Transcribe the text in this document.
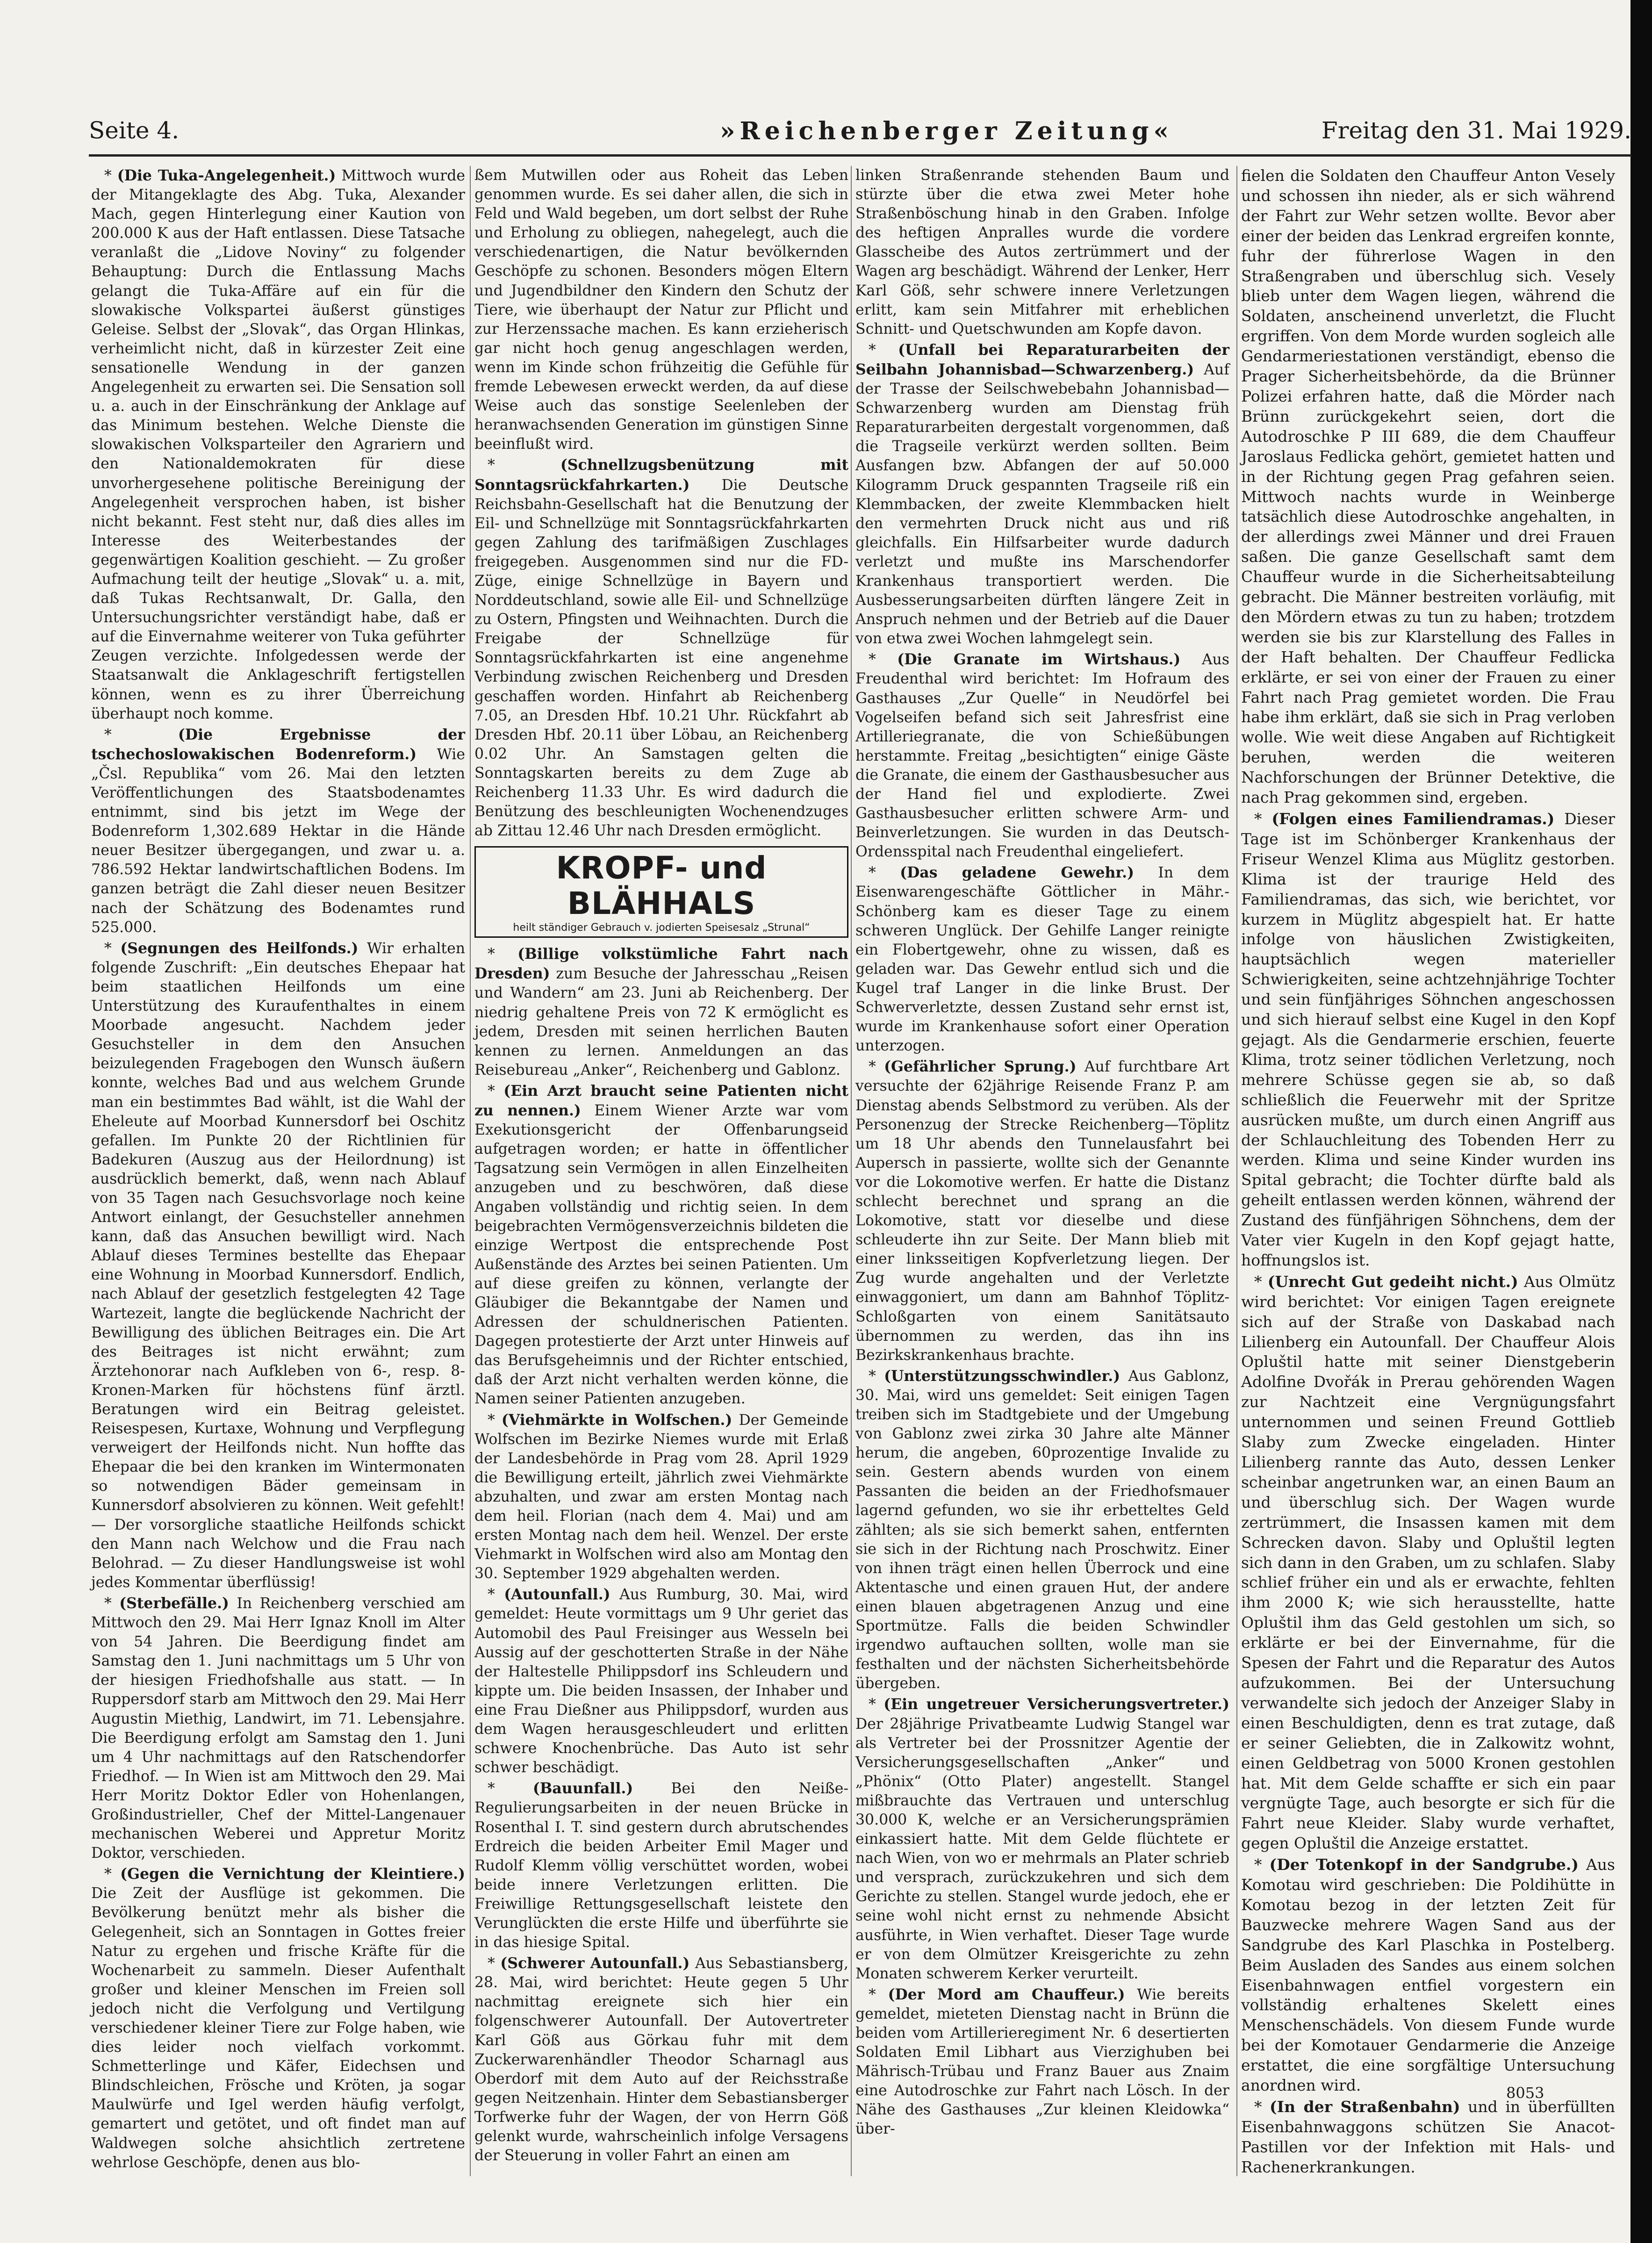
Seite 4.	»Reichenberger Zeitung«	Freitag den 31. Mai 1929.

* (Die Tuka-Angelegenheit.) Mittwoch wurde der Mitangeklagte des Abg. Tuka, Alexander Mach, gegen Hinterlegung einer Kaution von 200.000 K aus der Haft entlassen. Diese Tatsache veranlaßt die „Lidove Noviny“ zu folgender Behauptung: Durch die Entlassung Machs gelangt die Tuka-Affäre auf ein für die slowakische Volkspartei äußerst günstiges Geleise. Selbst der „Slovak“, das Organ Hlinkas, verheimlicht nicht, daß in kürzester Zeit eine sensationelle Wendung in der ganzen Angelegenheit zu erwarten sei. Die Sensation soll u. a. auch in der Einschränkung der Anklage auf das Minimum bestehen. Welche Dienste die slowakischen Volksparteiler den Agrariern und den Nationaldemokraten für diese unvorhergesehene politische Bereinigung der Angelegenheit versprochen haben, ist bisher nicht bekannt. Fest steht nur, daß dies alles im Interesse des Weiterbestandes der gegenwärtigen Koalition geschieht. — Zu großer Aufmachung teilt der heutige „Slovak“ u. a. mit, daß Tukas Rechtsanwalt, Dr. Galla, den Untersuchungsrichter verständigt habe, daß er auf die Einvernahme weiterer von Tuka geführter Zeugen verzichte. Infolgedessen werde der Staatsanwalt die Anklageschrift fertigstellen können, wenn es zu ihrer Überreichung überhaupt noch komme.

* (Die Ergebnisse der tschechoslowakischen Bodenreform.) Wie „Čsl. Republika“ vom 26. Mai den letzten Veröffentlichungen des Staatsbodenamtes entnimmt, sind bis jetzt im Wege der Bodenreform 1,302.689 Hektar in die Hände neuer Besitzer übergegangen, und zwar u. a. 786.592 Hektar landwirtschaftlichen Bodens. Im ganzen beträgt die Zahl dieser neuen Besitzer nach der Schätzung des Bodenamtes rund 525.000.

* (Segnungen des Heilfonds.) Wir erhalten folgende Zuschrift: „Ein deutsches Ehepaar hat beim staatlichen Heilfonds um eine Unterstützung des Kuraufenthaltes in einem Moorbade angesucht. Nachdem jeder Gesuchsteller in dem den Ansuchen beizulegenden Fragebogen den Wunsch äußern konnte, welches Bad und aus welchem Grunde man ein bestimmtes Bad wählt, ist die Wahl der Eheleute auf Moorbad Kunnersdorf bei Oschitz gefallen. Im Punkte 20 der Richtlinien für Badekuren (Auszug aus der Heilordnung) ist ausdrücklich bemerkt, daß, wenn nach Ablauf von 35 Tagen nach Gesuchsvorlage noch keine Antwort einlangt, der Gesuchsteller annehmen kann, daß das Ansuchen bewilligt wird. Nach Ablauf dieses Termines bestellte das Ehepaar eine Wohnung in Moorbad Kunnersdorf. Endlich, nach Ablauf der gesetzlich festgelegten 42 Tage Wartezeit, langte die beglückende Nachricht der Bewilligung des üblichen Beitrages ein. Die Art des Beitrages ist nicht erwähnt; zum Ärztehonorar nach Aufkleben von 6-, resp. 8-Kronen-Marken für höchstens fünf ärztl. Beratungen wird ein Beitrag geleistet. Reisespesen, Kurtaxe, Wohnung und Verpflegung verweigert der Heilfonds nicht. Nun hoffte das Ehepaar die bei den kranken im Wintermonaten so notwendigen Bäder gemeinsam in Kunnersdorf absolvieren zu können. Weit gefehlt! — Der vorsorgliche staatliche Heilfonds schickt den Mann nach Welchow und die Frau nach Belohrad. — Zu dieser Handlungsweise ist wohl jedes Kommentar überflüssig!

* (Sterbefälle.) In Reichenberg verschied am Mittwoch den 29. Mai Herr Ignaz Knoll im Alter von 54 Jahren. Die Beerdigung findet am Samstag den 1. Juni nachmittags um 5 Uhr von der hiesigen Friedhofshalle aus statt. — In Ruppersdorf starb am Mittwoch den 29. Mai Herr Augustin Miethig, Landwirt, im 71. Lebensjahre. Die Beerdigung erfolgt am Samstag den 1. Juni um 4 Uhr nachmittags auf den Ratschendorfer Friedhof. — In Wien ist am Mittwoch den 29. Mai Herr Moritz Doktor Edler von Hohenlangen, Großindustrieller, Chef der Mittel-Langenauer mechanischen Weberei und Appretur Moritz Doktor, verschieden.

* (Gegen die Vernichtung der Kleintiere.) Die Zeit der Ausflüge ist gekommen. Die Bevölkerung benützt mehr als bisher die Gelegenheit, sich an Sonntagen in Gottes freier Natur zu ergehen und frische Kräfte für die Wochenarbeit zu sammeln. Dieser Aufenthalt großer und kleiner Menschen im Freien soll jedoch nicht die Verfolgung und Vertilgung verschiedener kleiner Tiere zur Folge haben, wie dies leider noch vielfach vorkommt. Schmetterlinge und Käfer, Eidechsen und Blindschleichen, Frösche und Kröten, ja sogar Maulwürfe und Igel werden häufig verfolgt, gemartert und getötet, und oft findet man auf Waldwegen solche ahsichtlich zertretene wehrlose Geschöpfe, denen aus blo-

ßem Mutwillen oder aus Roheit das Leben genommen wurde. Es sei daher allen, die sich in Feld und Wald begeben, um dort selbst der Ruhe und Erholung zu obliegen, nahegelegt, auch die verschiedenartigen, die Natur bevölkernden Geschöpfe zu schonen. Besonders mögen Eltern und Jugendbildner den Kindern den Schutz der Tiere, wie überhaupt der Natur zur Pflicht und zur Herzenssache machen. Es kann erzieherisch gar nicht hoch genug angeschlagen werden, wenn im Kinde schon frühzeitig die Gefühle für fremde Lebewesen erweckt werden, da auf diese Weise auch das sonstige Seelenleben der heranwachsenden Generation im günstigen Sinne beeinflußt wird.

* (Schnellzugsbenützung mit Sonntagsrückfahrkarten.) Die Deutsche Reichsbahn-Gesellschaft hat die Benutzung der Eil- und Schnellzüge mit Sonntagsrückfahrkarten gegen Zahlung des tarifmäßigen Zuschlages freigegeben. Ausgenommen sind nur die FD-Züge, einige Schnellzüge in Bayern und Norddeutschland, sowie alle Eil- und Schnellzüge zu Ostern, Pfingsten und Weihnachten. Durch die Freigabe der Schnellzüge für Sonntagsrückfahrkarten ist eine angenehme Verbindung zwischen Reichenberg und Dresden geschaffen worden. Hinfahrt ab Reichenberg 7.05, an Dresden Hbf. 10.21 Uhr. Rückfahrt ab Dresden Hbf. 20.11 über Löbau, an Reichenberg 0.02 Uhr. An Samstagen gelten die Sonntagskarten bereits zu dem Zuge ab Reichenberg 11.33 Uhr. Es wird dadurch die Benützung des beschleunigten Wochenendzuges ab Zittau 12.46 Uhr nach Dresden ermöglicht.

KROPF- und BLÄHHALS
heilt ständiger Gebrauch v. jodierten Speisesalz „Strunal“

* (Billige volkstümliche Fahrt nach Dresden) zum Besuche der Jahresschau „Reisen und Wandern“ am 23. Juni ab Reichenberg. Der niedrig gehaltene Preis von 72 K ermöglicht es jedem, Dresden mit seinen herrlichen Bauten kennen zu lernen. Anmeldungen an das Reisebureau „Anker“, Reichenberg und Gablonz.

* (Ein Arzt braucht seine Patienten nicht zu nennen.) Einem Wiener Arzte war vom Exekutionsgericht der Offenbarungseid aufgetragen worden; er hatte in öffentlicher Tagsatzung sein Vermögen in allen Einzelheiten anzugeben und zu beschwören, daß diese Angaben vollständig und richtig seien. In dem beigebrachten Vermögensverzeichnis bildeten die einzige Wertpost die entsprechende Post Außenstände des Arztes bei seinen Patienten. Um auf diese greifen zu können, verlangte der Gläubiger die Bekanntgabe der Namen und Adressen der schuldnerischen Patienten. Dagegen protestierte der Arzt unter Hinweis auf das Berufsgeheimnis und der Richter entschied, daß der Arzt nicht verhalten werden könne, die Namen seiner Patienten anzugeben.

* (Viehmärkte in Wolfschen.) Der Gemeinde Wolfschen im Bezirke Niemes wurde mit Erlaß der Landesbehörde in Prag vom 28. April 1929 die Bewilligung erteilt, jährlich zwei Viehmärkte abzuhalten, und zwar am ersten Montag nach dem heil. Florian (nach dem 4. Mai) und am ersten Montag nach dem heil. Wenzel. Der erste Viehmarkt in Wolfschen wird also am Montag den 30. September 1929 abgehalten werden.

* (Autounfall.) Aus Rumburg, 30. Mai, wird gemeldet: Heute vormittags um 9 Uhr geriet das Automobil des Paul Freisinger aus Wesseln bei Aussig auf der geschotterten Straße in der Nähe der Haltestelle Philippsdorf ins Schleudern und kippte um. Die beiden Insassen, der Inhaber und eine Frau Dießner aus Philippsdorf, wurden aus dem Wagen herausgeschleudert und erlitten schwere Knochenbrüche. Das Auto ist sehr schwer beschädigt.

* (Bauunfall.)	Bei den Neiße-Regulierungsarbeiten in der neuen Brücke in Rosenthal I. T. sind gestern durch abrutschendes Erdreich die beiden Arbeiter Emil Mager und Rudolf Klemm völlig verschüttet worden, wobei beide innere Verletzungen erlitten. Die Freiwillige Rettungsgesellschaft leistete den Verunglückten die erste Hilfe und überführte sie in das hiesige Spital.

* (Schwerer Autounfall.) Aus Sebastiansberg, 28. Mai, wird berichtet: Heute gegen 5 Uhr nachmittag ereignete sich hier ein folgenschwerer Autounfall. Der Autovertreter Karl Göß aus Görkau fuhr mit dem Zuckerwarenhändler Theodor Scharnagl aus Oberdorf mit dem Auto auf der Reichsstraße gegen Neitzenhain. Hinter dem Sebastiansberger Torfwerke fuhr der Wagen, der von Herrn Göß gelenkt wurde, wahrscheinlich infolge Versagens der Steuerung in voller Fahrt an einen am

linken Straßenrande stehenden Baum und stürzte über die etwa zwei Meter hohe Straßenböschung hinab in den Graben. Infolge des heftigen Anpralles wurde die vordere Glasscheibe des Autos zertrümmert und der Wagen arg beschädigt. Während der Lenker, Herr Karl Göß, sehr schwere innere Verletzungen erlitt, kam sein Mitfahrer mit erheblichen Schnitt- und Quetschwunden am Kopfe davon.

* (Unfall bei Reparaturarbeiten der Seilbahn Johannisbad—Schwarzenberg.) Auf der Trasse der Seilschwebebahn Johannisbad—Schwarzenberg wurden am Dienstag früh Reparaturarbeiten dergestalt vorgenommen, daß die Tragseile verkürzt werden sollten. Beim Ausfangen bzw. Abfangen der auf 50.000 Kilogramm Druck gespannten Tragseile riß ein Klemmbacken, der zweite Klemmbacken hielt den vermehrten Druck nicht aus und riß gleichfalls. Ein Hilfsarbeiter wurde dadurch verletzt und mußte ins Marschendorfer Krankenhaus transportiert werden. Die Ausbesserungsarbeiten dürften längere Zeit in Anspruch nehmen und der Betrieb auf die Dauer von etwa zwei Wochen lahmgelegt sein.

* (Die Granate im Wirtshaus.) Aus Freudenthal wird berichtet: Im Hofraum des Gasthauses „Zur Quelle“ in Neudörfel bei Vogelseifen befand sich seit Jahresfrist eine Artilleriegranate, die von Schießübungen herstammte. Freitag „besichtigten“ einige Gäste die Granate, die einem der Gasthausbesucher aus der Hand fiel und explodierte. Zwei Gasthausbesucher erlitten schwere Arm- und Beinverletzungen. Sie wurden in das Deutsch-Ordensspital nach Freudenthal eingeliefert.

* (Das geladene Gewehr.) In dem Eisenwarengeschäfte Göttlicher in Mähr.-Schönberg kam es dieser Tage zu einem schweren Unglück. Der Gehilfe Langer reinigte ein Flobertgewehr, ohne zu wissen, daß es geladen war. Das Gewehr entlud sich und die Kugel traf Langer in die linke Brust. Der Schwerverletzte, dessen Zustand sehr ernst ist, wurde im Krankenhause sofort einer Operation unterzogen.

* (Gefährlicher Sprung.) Auf furchtbare Art versuchte der 62jährige Reisende Franz P. am Dienstag abends Selbstmord zu verüben. Als der Personenzug der Strecke Reichenberg—Töplitz um 18 Uhr abends den Tunnelausfahrt bei Aupersch in passierte, wollte sich der Genannte vor die Lokomotive werfen. Er hatte die Distanz schlecht berechnet und sprang an die Lokomotive, statt vor dieselbe und diese schleuderte ihn zur Seite. Der Mann blieb mit einer linksseitigen Kopfverletzung liegen. Der Zug wurde angehalten und der Verletzte einwaggoniert, um dann am Bahnhof Töplitz-Schloßgarten von einem Sanitätsauto übernommen zu werden, das ihn ins Bezirkskrankenhaus brachte.

* (Unterstützungsschwindler.) Aus Gablonz, 30. Mai, wird uns gemeldet: Seit einigen Tagen treiben sich im Stadtgebiete und der Umgebung von Gablonz zwei zirka 30 Jahre alte Männer herum, die angeben, 60prozentige Invalide zu sein. Gestern abends wurden von einem Passanten die beiden an der Friedhofsmauer lagernd gefunden, wo sie ihr erbetteltes Geld zählten; als sie sich bemerkt sahen, entfernten sie sich in der Richtung nach Proschwitz. Einer von ihnen trägt einen hellen Überrock und eine Aktentasche und einen grauen Hut, der andere einen blauen abgetragenen Anzug und eine Sportmütze. Falls die beiden Schwindler irgendwo auftauchen sollten, wolle man sie festhalten und der nächsten Sicherheitsbehörde übergeben.

* (Ein ungetreuer Versicherungsvertreter.) Der 28jährige Privatbeamte Ludwig Stangel war als Vertreter bei der Prossnitzer Agentie der Versicherungsgesellschaften „Anker“ und „Phönix“ (Otto Plater) angestellt. Stangel mißbrauchte das Vertrauen und unterschlug 30.000 K, welche er an Versicherungsprämien einkassiert hatte. Mit dem Gelde flüchtete er nach Wien, von wo er mehrmals an Plater schrieb und versprach, zurückzukehren und sich dem Gerichte zu stellen. Stangel wurde jedoch, ehe er seine wohl nicht ernst zu nehmende Absicht ausführte, in Wien verhaftet. Dieser Tage wurde er von dem Olmützer Kreisgerichte zu zehn Monaten schwerem Kerker verurteilt.

* (Der Mord am Chauffeur.) Wie bereits gemeldet, mieteten Dienstag nacht in Brünn die beiden vom Artillerieregiment Nr. 6 desertierten Soldaten Emil Libhart aus Vierzighuben bei Mährisch-Trübau und Franz Bauer aus Znaim eine Autodroschke zur Fahrt nach Lösch. In der Nähe des Gasthauses „Zur kleinen Kleidowka“ über-

fielen die Soldaten den Chauffeur Anton Vesely und schossen ihn nieder, als er sich während der Fahrt zur Wehr setzen wollte. Bevor aber einer der beiden das Lenkrad ergreifen konnte, fuhr der führerlose Wagen in den Straßengraben und überschlug sich. Vesely blieb unter dem Wagen liegen, während die Soldaten, anscheinend unverletzt, die Flucht ergriffen. Von dem Morde wurden sogleich alle Gendarmeriestationen verständigt, ebenso die Prager Sicherheitsbehörde, da die Brünner Polizei erfahren hatte, daß die Mörder nach Brünn zurückgekehrt seien, dort die Autodroschke P III 689, die dem Chauffeur Jaroslaus Fedlicka gehört, gemietet hatten und in der Richtung gegen Prag gefahren seien. Mittwoch nachts wurde in Weinberge tatsächlich diese Autodroschke angehalten, in der allerdings zwei Männer und drei Frauen saßen. Die ganze Gesellschaft samt dem Chauffeur wurde in die Sicherheitsabteilung gebracht. Die Männer bestreiten vorläufig, mit den Mördern etwas zu tun zu haben; trotzdem werden sie bis zur Klarstellung des Falles in der Haft behalten. Der Chauffeur Fedlicka erklärte, er sei von einer der Frauen zu einer Fahrt nach Prag gemietet worden. Die Frau habe ihm erklärt, daß sie sich in Prag verloben wolle. Wie weit diese Angaben auf Richtigkeit beruhen, werden die weiteren Nachforschungen der Brünner Detektive, die nach Prag gekommen sind, ergeben.

* (Folgen eines Familiendramas.) Dieser Tage ist im Schönberger Krankenhaus der Friseur Wenzel Klima aus Müglitz gestorben. Klima ist der traurige Held des Familiendramas, das sich, wie berichtet, vor kurzem in Müglitz abgespielt hat. Er hatte infolge von häuslichen Zwistigkeiten, hauptsächlich wegen materieller Schwierigkeiten, seine achtzehnjährige Tochter und sein fünfjähriges Söhnchen angeschossen und sich hierauf selbst eine Kugel in den Kopf gejagt. Als die Gendarmerie erschien, feuerte Klima, trotz seiner tödlichen Verletzung, noch mehrere Schüsse gegen sie ab, so daß schließlich die Feuerwehr mit der Spritze ausrücken mußte, um durch einen Angriff aus der Schlauchleitung des Tobenden Herr zu werden. Klima und seine Kinder wurden ins Spital gebracht; die Tochter dürfte bald als geheilt entlassen werden können, während der Zustand des fünfjährigen Söhnchens, dem der Vater vier Kugeln in den Kopf gejagt hatte, hoffnungslos ist.

* (Unrecht Gut gedeiht nicht.) Aus Olmütz wird berichtet: Vor einigen Tagen ereignete sich auf der Straße von Daskabad nach Lilienberg ein Autounfall. Der Chauffeur Alois Opluštil hatte mit seiner Dienstgeberin Adolfine Dvořák in Prerau gehörenden Wagen zur Nachtzeit eine Vergnügungsfahrt unternommen und seinen Freund Gottlieb Slaby zum Zwecke eingeladen. Hinter Lilienberg rannte das Auto, dessen Lenker scheinbar angetrunken war, an einen Baum an und überschlug sich. Der Wagen wurde zertrümmert, die Insassen kamen mit dem Schrecken davon. Slaby und Opluštil legten sich dann in den Graben, um zu schlafen. Slaby schlief früher ein und als er erwachte, fehlten ihm 2000 K; wie sich herausstellte, hatte Opluštil ihm das Geld gestohlen um sich, so erklärte er bei der Einvernahme, für die Spesen der Fahrt und die Reparatur des Autos aufzukommen. Bei der Untersuchung verwandelte sich jedoch der Anzeiger Slaby in einen Beschuldigten, denn es trat zutage, daß er seiner Geliebten, die in Zalkowitz wohnt, einen Geldbetrag von 5000 Kronen gestohlen hat. Mit dem Gelde schaffte er sich ein paar vergnügte Tage, auch besorgte er sich für die Fahrt neue Kleider. Slaby wurde verhaftet, gegen Opluštil die Anzeige erstattet.

* (Der Totenkopf in der Sandgrube.) Aus Komotau wird geschrieben: Die Poldihütte in Komotau bezog in der letzten Zeit für Bauzwecke mehrere Wagen Sand aus der Sandgrube des Karl Plaschka in Postelberg. Beim Ausladen des Sandes aus einem solchen Eisenbahnwagen entfiel vorgestern ein vollständig erhaltenes Skelett eines Menschenschädels. Von diesem Funde wurde bei der Komotauer Gendarmerie die Anzeige erstattet, die eine sorgfältige Untersuchung anordnen wird.

* (In der Straßenbahn) und in überfüllten Eisenbahnwaggons schützen Sie Anacot-Pastillen vor der Infektion mit Hals- und Rachenerkrankungen.

8053
